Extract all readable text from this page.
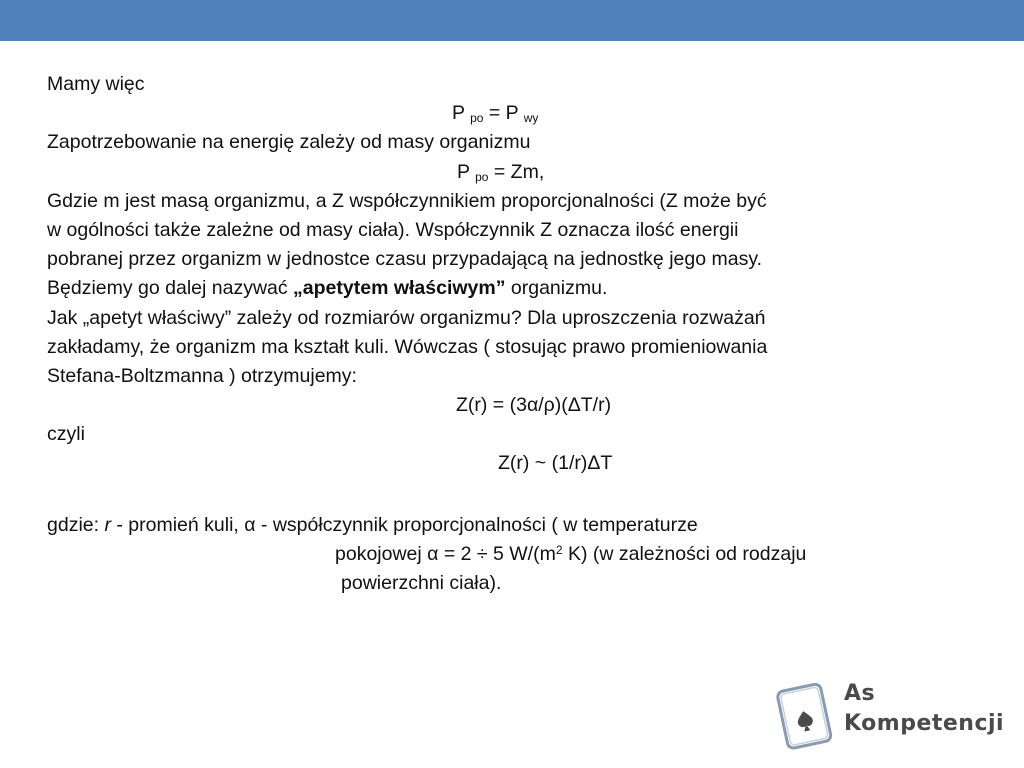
Mamy więc
P $_{po}$ = P $_{wy}$
Zapotrzebowanie na energię zależy od masy organizmu
P $_{po}$ = Zm,
Gdzie m jest masą organizmu, a Z współczynnikiem proporcjonalności (Z może być
w ogólności także zależne od masy ciała). Współczynnik Z oznacza ilość energii
pobranej przez organizm w jednostce czasu przypadającą na jednostkę jego masy.
Będziemy go dalej nazywać „apetytem właściwym” organizmu.
Jak „apetyt właściwy” zależy od rozmiarów organizmu? Dla uproszczenia rozważań
zakładamy, że organizm ma kształt kuli. Wówczas ( stosując prawo promieniowania
Stefana-Boltzmanna ) otrzymujemy:
Z(r) = (3α/ρ)(ΔT/r)
czyli
Z(r) ~ (1/r)ΔT
gdzie: r - promień kuli, α - współczynnik proporcjonalności ( w temperaturze
pokojowej α = 2 ÷ 5 $W/(m^2$ K) (w zależności od rodzaju
powierzchni ciała).
As
Kompetencji
